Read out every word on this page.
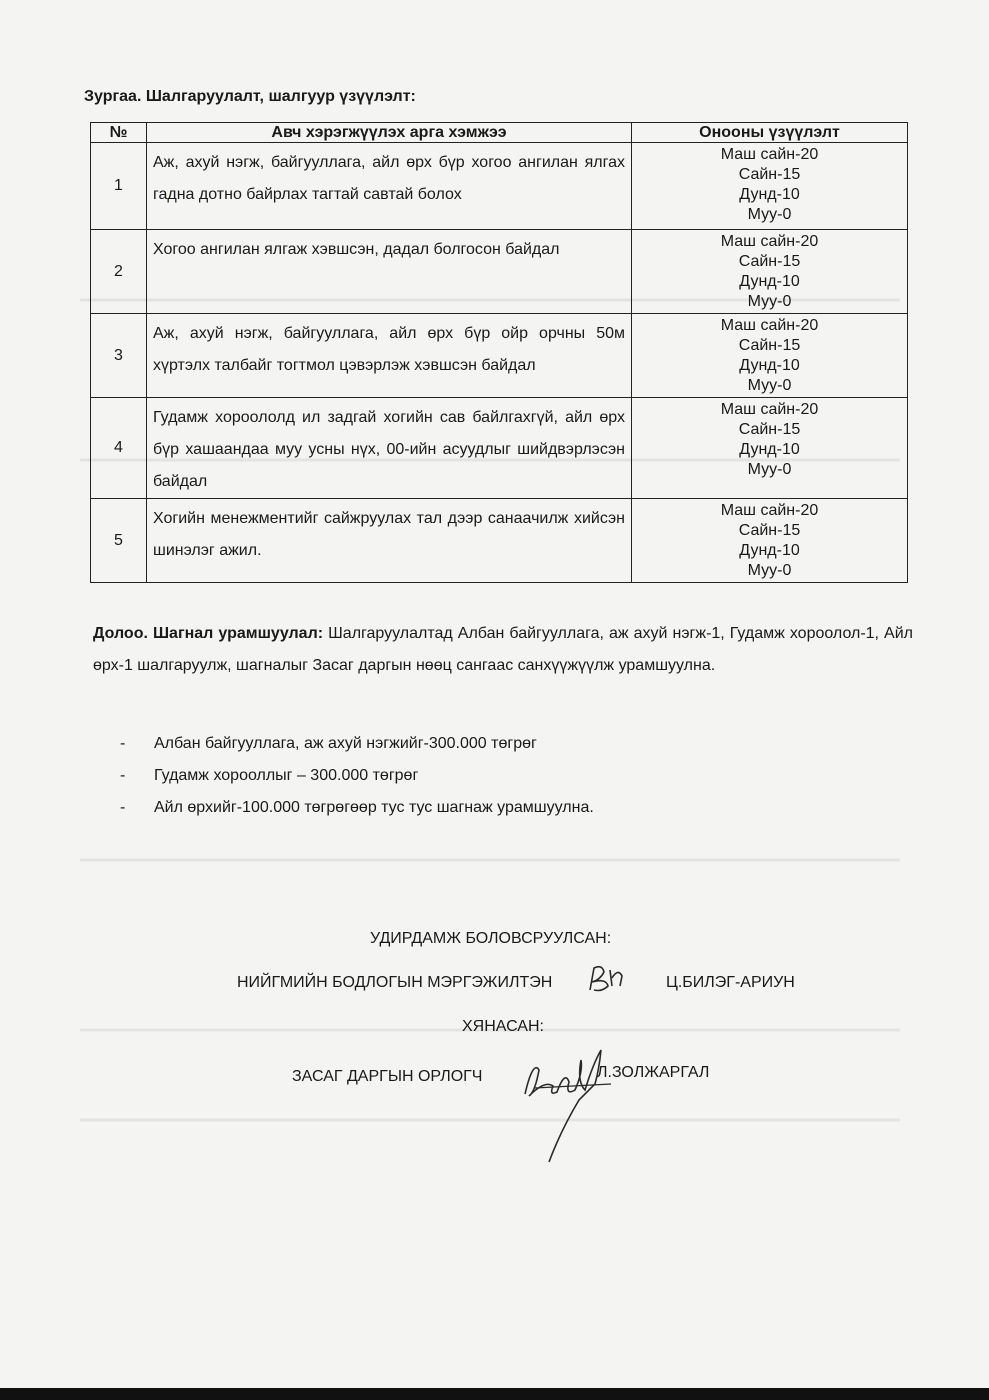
Зургаа. Шалгаруулалт, шалгуур үзүүлэлт:
№	Авч хэрэгжүүлэх арга хэмжээ	Онооны үзүүлэлт
1	Аж, ахуй нэгж, байгууллага, айл өрх бүр хогоо ангилан ялгах гадна дотно байрлах тагтай савтай болох	Маш сайн-20
Сайн-15
Дунд-10
Муу-0

2	Хогоо ангилан ялгаж хэвшсэн, дадал болгосон байдал	Маш сайн-20
Сайн-15
Дунд-10
Муу-0

3	Аж, ахуй нэгж, байгууллага, айл өрх бүр ойр орчны 50м хүртэлх талбайг тогтмол цэвэрлэж хэвшсэн байдал	Маш сайн-20
Сайн-15
Дунд-10
Муу-0

4	Гудамж хороололд ил задгай хогийн сав байлгахгүй, айл өрх бүр хашаандаа муу усны нүх, 00-ийн асуудлыг шийдвэрлэсэн байдал	Маш сайн-20
Сайн-15
Дунд-10
Муу-0

5	Хогийн менежментийг сайжруулах тал дээр санаачилж хийсэн шинэлэг ажил.	Маш сайн-20
Сайн-15
Дунд-10
Муу-0

Долоо. Шагнал урамшуулал: Шалгаруулалтад Албан байгууллага, аж ахуй нэгж-1, Гудамж хороолол-1, Айл өрх-1 шалгаруулж, шагналыг Засаг даргын нөөц сангаас санхүүжүүлж урамшуулна.

- Албан байгууллага, аж ахуй нэгжийг-300.000 төгрөг
- Гудамж хорооллыг – 300.000 төгрөг
- Айл өрхийг-100.000 төгрөгөөр тус тус шагнаж урамшуулна.
УДИРДАМЖ БОЛОВСРУУЛСАН:
НИЙГМИЙН БОДЛОГЫН МЭРГЭЖИЛТЭН	Ц.БИЛЭГ-АРИУН
ХЯНАСАН:
ЗАСАГ ДАРГЫН ОРЛОГЧ	Л.ЗОЛЖАРГАЛ
